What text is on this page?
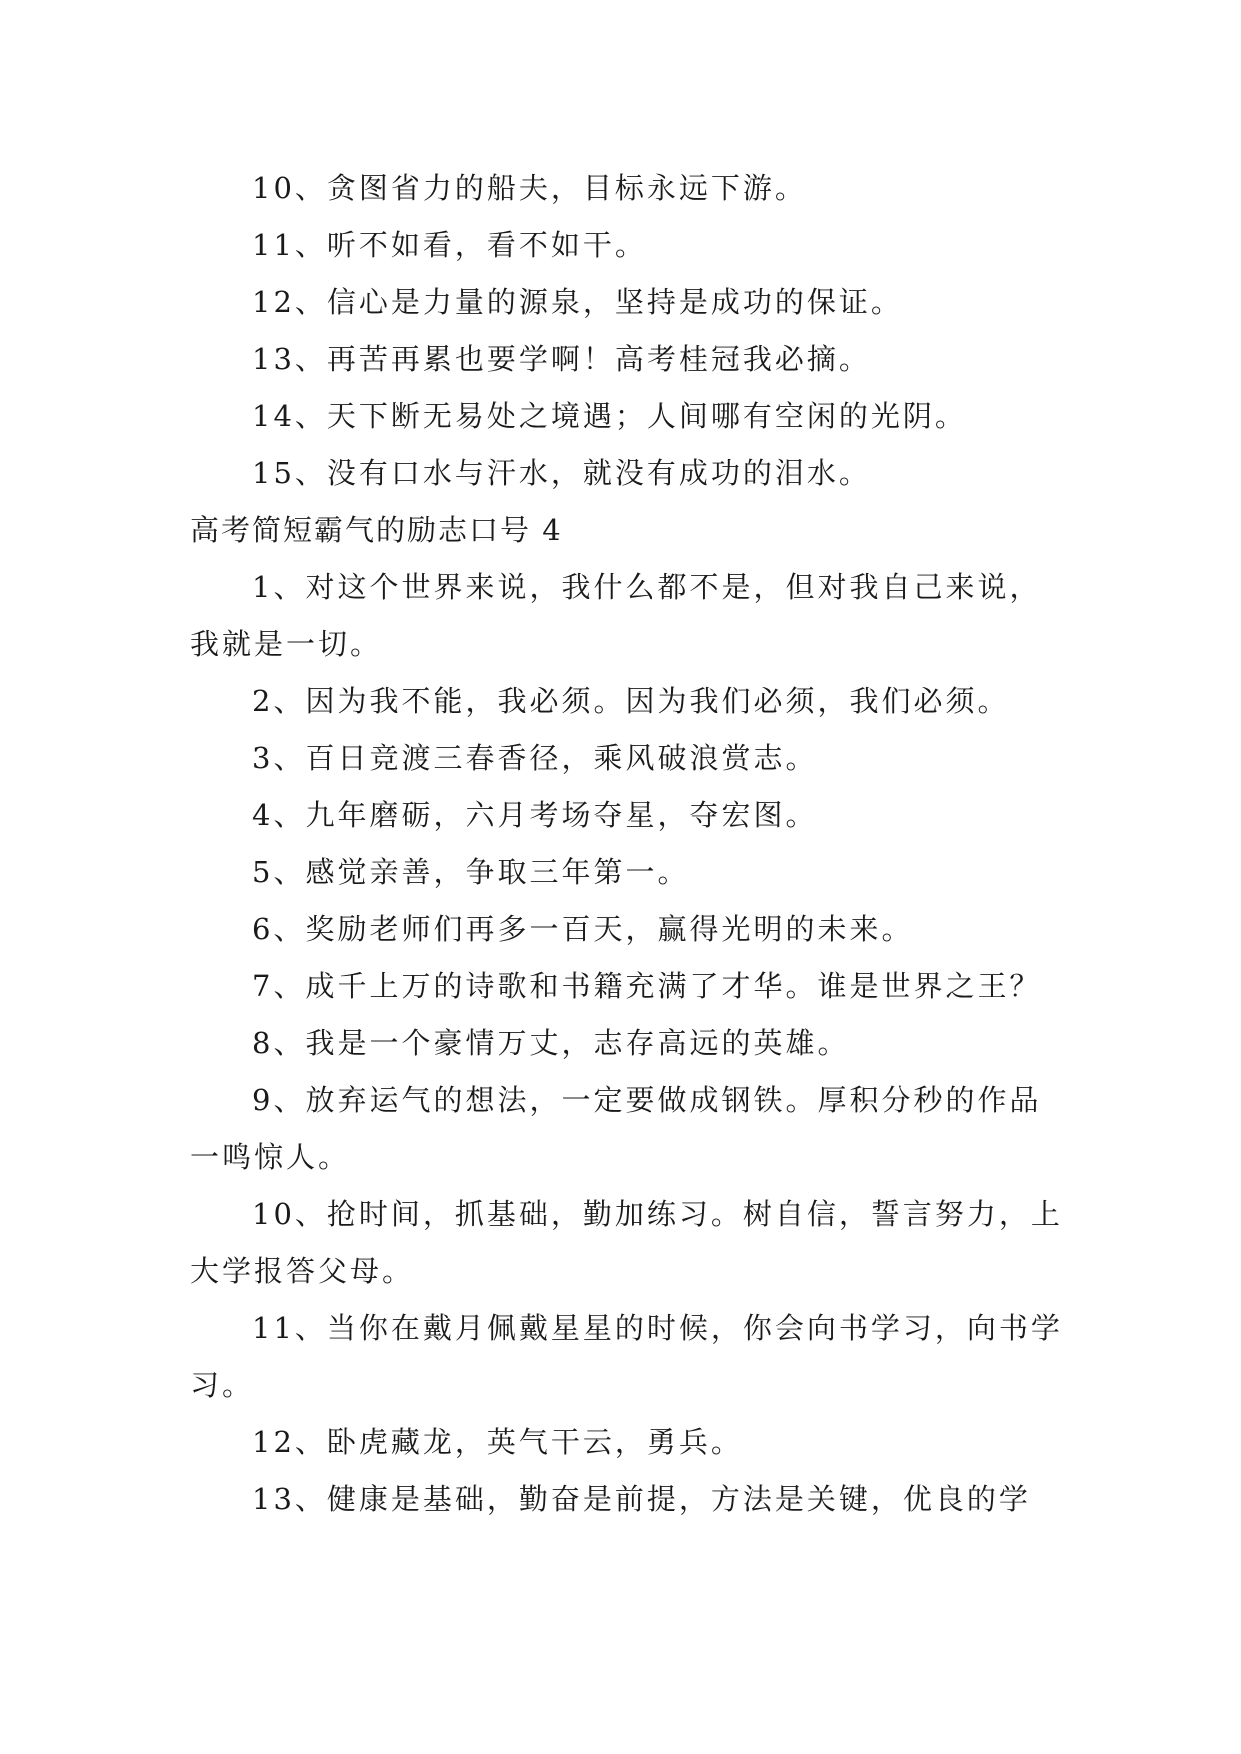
10、贪图省力的船夫，目标永远下游。

11、听不如看，看不如干。

12、信心是力量的源泉，坚持是成功的保证。

13、再苦再累也要学啊！高考桂冠我必摘。

14、天下断无易处之境遇；人间哪有空闲的光阴。

15、没有口水与汗水，就没有成功的泪水。

高考简短霸气的励志口号 4

1、对这个世界来说，我什么都不是，但对我自己来说，我就是一切。

2、因为我不能，我必须。因为我们必须，我们必须。

3、百日竞渡三春香径，乘风破浪赏志。

4、九年磨砺，六月考场夺星，夺宏图。

5、感觉亲善，争取三年第一。

6、奖励老师们再多一百天，赢得光明的未来。

7、成千上万的诗歌和书籍充满了才华。谁是世界之王？

8、我是一个豪情万丈，志存高远的英雄。

9、放弃运气的想法，一定要做成钢铁。厚积分秒的作品一鸣惊人。

10、抢时间，抓基础，勤加练习。树自信，誓言努力，上大学报答父母。

11、当你在戴月佩戴星星的时候，你会向书学习，向书学习。

12、卧虎藏龙，英气干云，勇兵。

13、健康是基础，勤奋是前提，方法是关键，优良的学
